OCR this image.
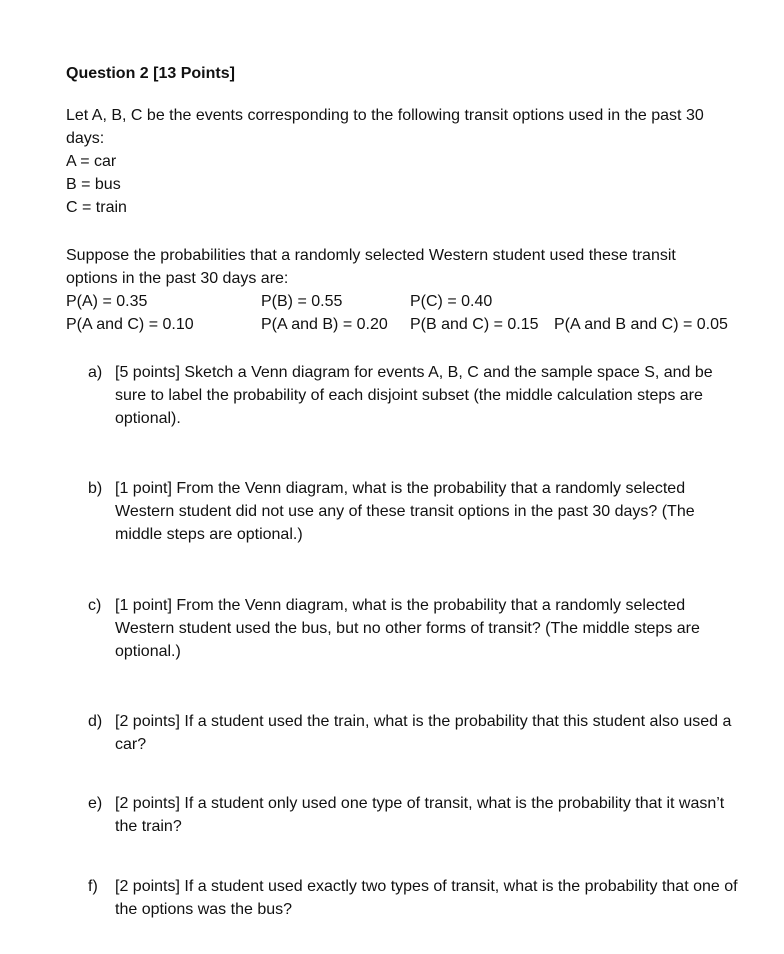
Question 2 [13 Points]

Let A, B, C be the events corresponding to the following transit options used in the past 30 days:

A = car

B = bus

C = train

Suppose the probabilities that a randomly selected Western student used these transit options in the past 30 days are:

P(A) = 0.35	P(B) = 0.55	P(C) = 0.40
P(A and C) = 0.10	P(A and B) = 0.20 P(B and C) = 0.15 P(A and B and C) = 0.05
a) [5 points] Sketch a Venn diagram for events A, B, C and the sample space S, and be sure to label the probability of each disjoint subset (the middle calculation steps are optional).
b) [1 point] From the Venn diagram, what is the probability that a randomly selected Western student did not use any of these transit options in the past 30 days? (The middle steps are optional.)
c) [1 point] From the Venn diagram, what is the probability that a randomly selected Western student used the bus, but no other forms of transit? (The middle steps are optional.)
d) [2 points] If a student used the train, what is the probability that this student also used a car?
e) [2 points] If a student only used one type of transit, what is the probability that it wasn’t the train?
f) [2 points] If a student used exactly two types of transit, what is the probability that one of the options was the bus?
